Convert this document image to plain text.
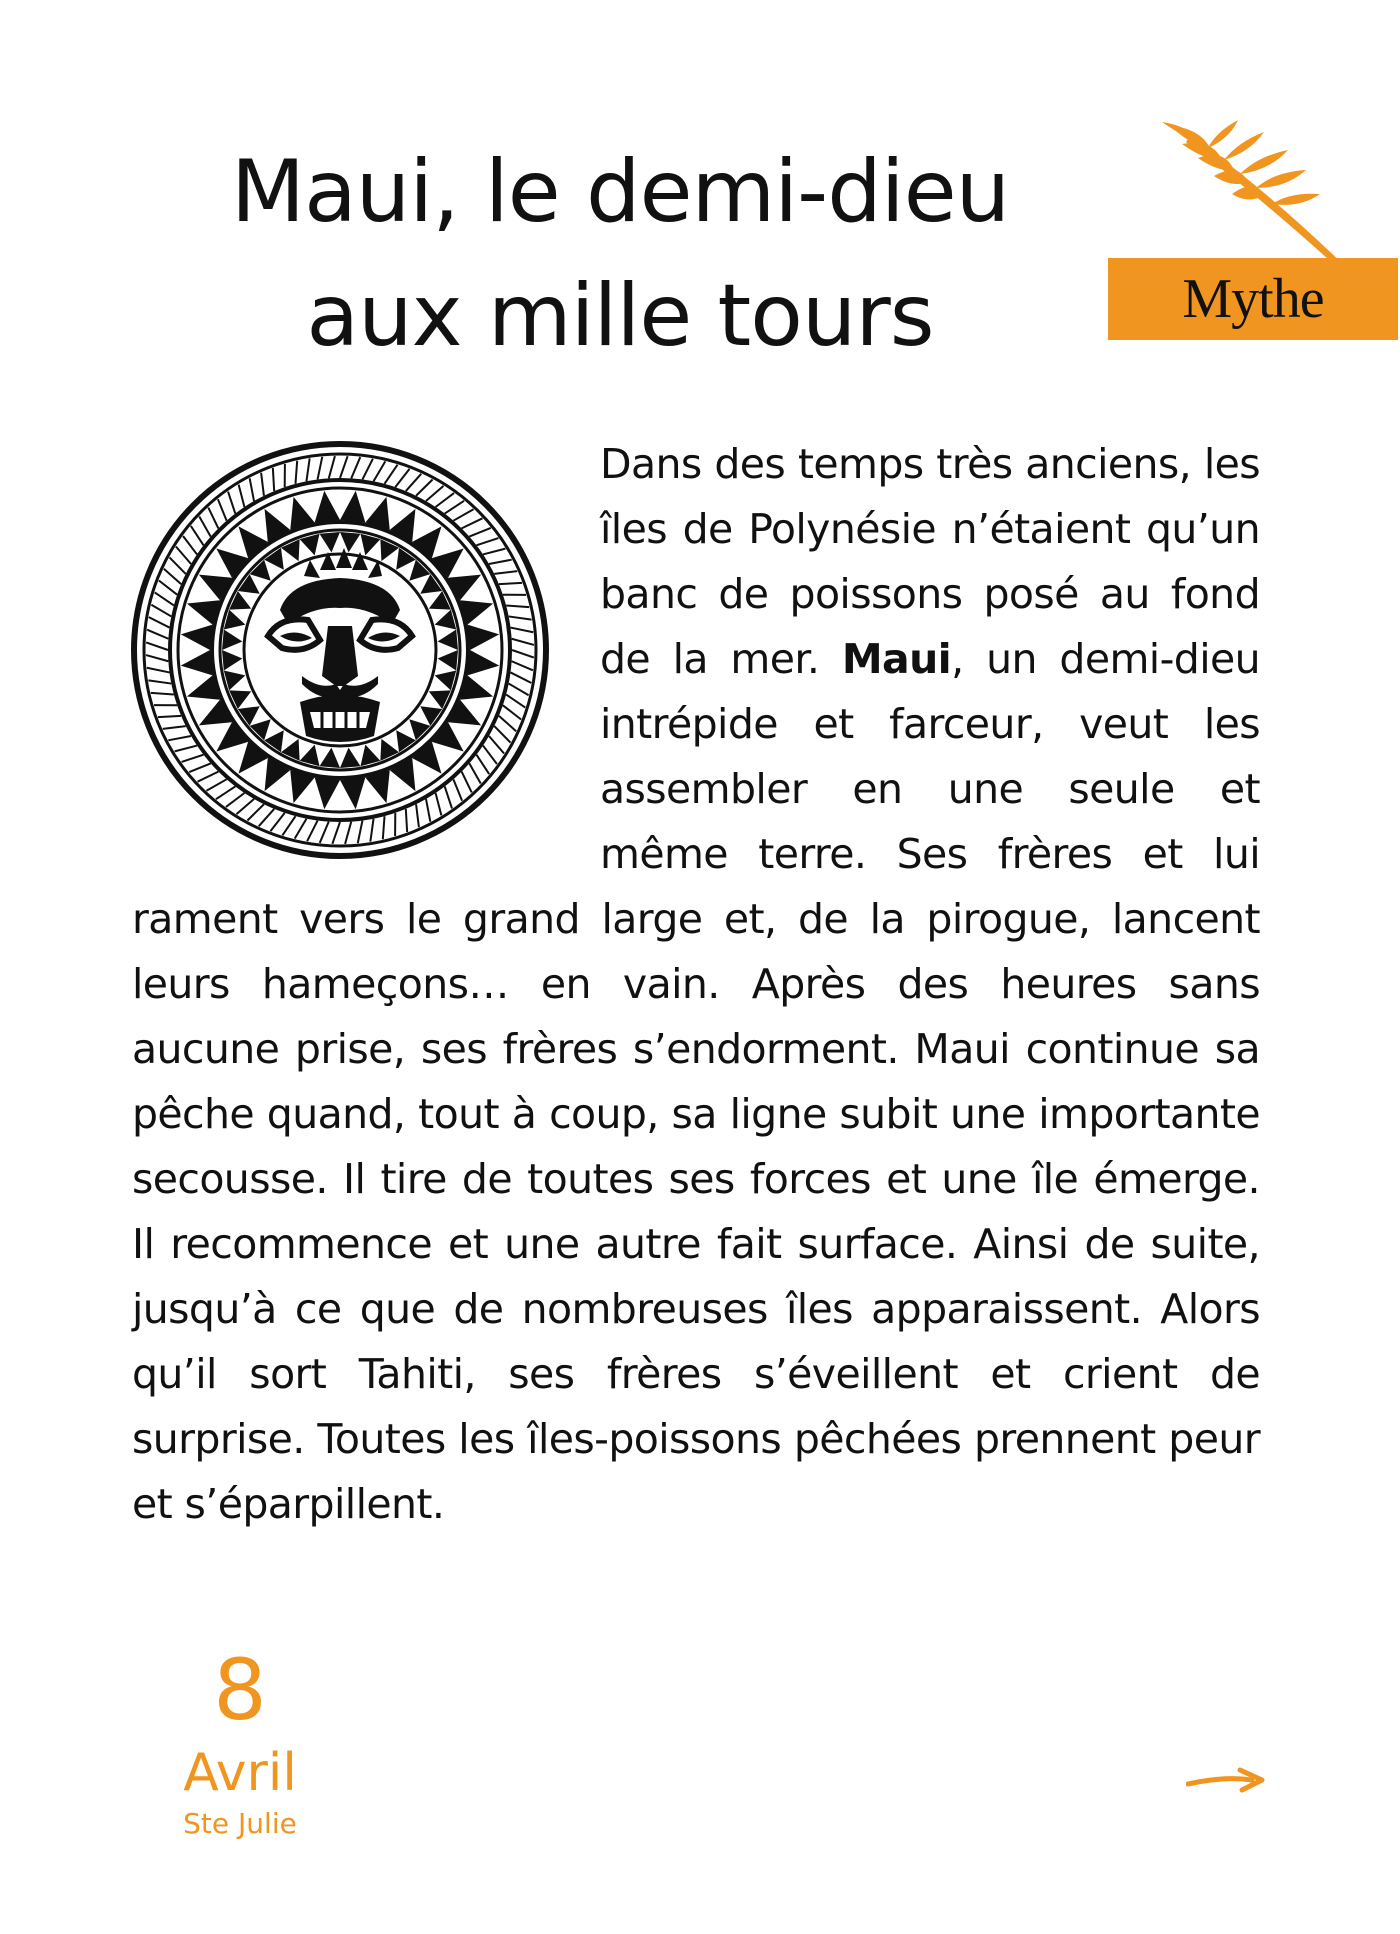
Maui, le demi-dieu
aux mille tours	Mythe
Dans des temps très anciens, les îles de Polynésie n’étaient qu’un banc de poissons posé au fond de la mer. Maui, un demi-dieu intrépide et farceur, veut les assembler en une seule et même terre. Ses frères et lui rament vers le grand large et, de la pirogue, lancent leurs hameçons… en vain. Après des heures sans aucune prise, ses frères s’endorment. Maui continue sa pêche quand, tout à coup, sa ligne subit une importante secousse. Il tire de toutes ses forces et une île émerge. Il recommence et une autre fait surface. Ainsi de suite, jusqu’à ce que de nombreuses îles apparaissent. Alors qu’il sort Tahiti, ses frères s’éveillent et crient de surprise. Toutes les îles-poissons pêchées prennent peur et s’éparpillent.
8
Avril
Ste Julie
